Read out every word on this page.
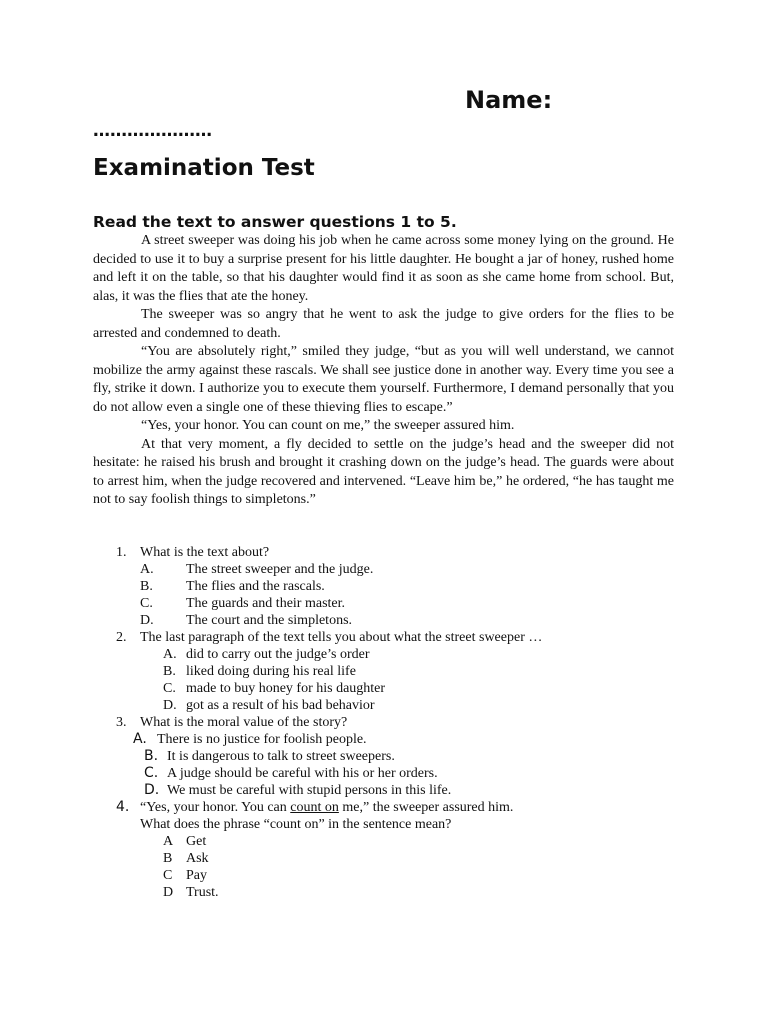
Name:
…………………
Examination Test
Read the text to answer questions 1 to 5.

A street sweeper was doing his job when he came across some money lying on the ground. He decided to use it to buy a surprise present for his little daughter. He bought a jar of honey, rushed home and left it on the table, so that his daughter would find it as soon as she came home from school. But, alas, it was the flies that ate the honey.

The sweeper was so angry that he went to ask the judge to give orders for the flies to be arrested and condemned to death.

“You are absolutely right,” smiled they judge, “but as you will well understand, we cannot mobilize the army against these rascals. We shall see justice done in another way. Every time you see a fly, strike it down. I authorize you to execute them yourself. Furthermore, I demand personally that you do not allow even a single one of these thieving flies to escape.”

“Yes, your honor. You can count on me,” the sweeper assured him.

At that very moment, a fly decided to settle on the judge’s head and the sweeper did not hesitate: he raised his brush and brought it crashing down on the judge’s head. The guards were about to arrest him, when the judge recovered and intervened. “Leave him be,” he ordered, “he has taught me not to say foolish things to simpletons.”

1. What is the text about?
A. The street sweeper and the judge.
B. The flies and the rascals.
C. The guards and their master.
D. The court and the simpletons.
2. The last paragraph of the text tells you about what the street sweeper …
A. did to carry out the judge’s order
B. liked doing during his real life
C. made to buy honey for his daughter
D. got as a result of his bad behavior
3. What is the moral value of the story?
A. There is no justice for foolish people.
B. It is dangerous to talk to street sweepers.
C. A judge should be careful with his or her orders.
D. We must be careful with stupid persons in this life.
4. “Yes, your honor. You can count on me,” the sweeper assured him.
What does the phrase “count on” in the sentence mean?
A Get
B Ask
C Pay
D Trust.
